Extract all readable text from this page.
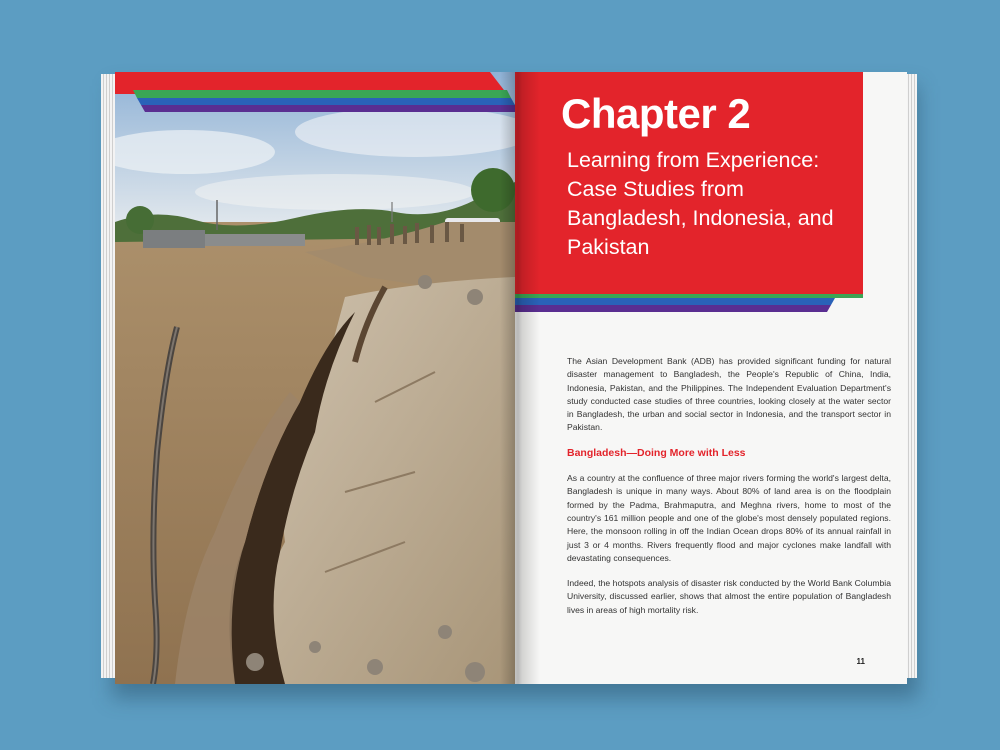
Chapter 2
Learning from Experience: Case Studies from Bangladesh, Indonesia, and Pakistan

The Asian Development Bank (ADB) has provided significant funding for natural disaster management to Bangladesh, the People's Republic of China, India, Indonesia, Pakistan, and the Philippines. The Independent Evaluation Department's study conducted case studies of three countries, looking closely at the water sector in Bangladesh, the urban and social sector in Indonesia, and the transport sector in Pakistan.

Bangladesh—Doing More with Less

As a country at the confluence of three major rivers forming the world's largest delta, Bangladesh is unique in many ways. About 80% of land area is on the floodplain formed by the Padma, Brahmaputra, and Meghna rivers, home to most of the country's 161 million people and one of the globe's most densely populated regions. Here, the monsoon rolling in off the Indian Ocean drops 80% of its annual rainfall in just 3 or 4 months. Rivers frequently flood and major cyclones make landfall with devastating consequences.

Indeed, the hotspots analysis of disaster risk conducted by the World Bank Columbia University, discussed earlier, shows that almost the entire population of Bangladesh lives in areas of high mortality risk.

11
